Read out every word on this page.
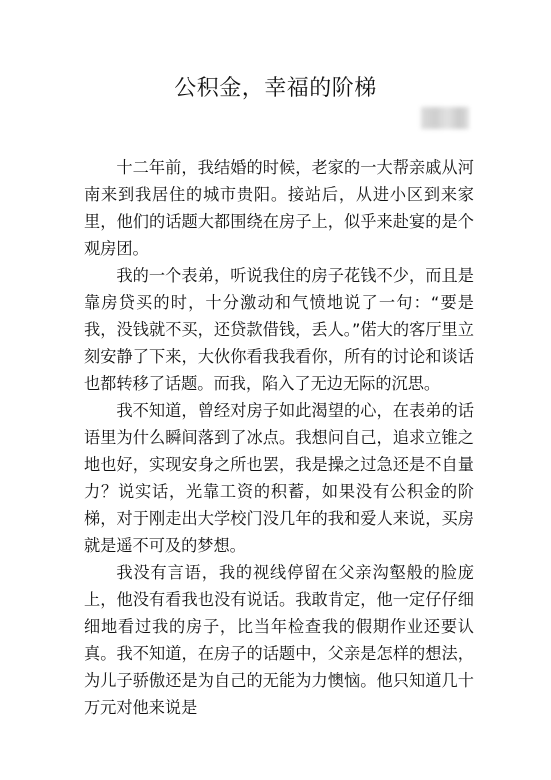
公积金，幸福的阶梯

十二年前，我结婚的时候，老家的一大帮亲戚从河南来到我居住的城市贵阳。接站后，从进小区到来家里，他们的话题大都围绕在房子上，似乎来赴宴的是个观房团。

我的一个表弟，听说我住的房子花钱不少，而且是靠房贷买的时，十分激动和气愤地说了一句：“要是我，没钱就不买，还贷款借钱，丢人。”偌大的客厅里立刻安静了下来，大伙你看我我看你，所有的讨论和谈话也都转移了话题。而我，陷入了无边无际的沉思。

我不知道，曾经对房子如此渴望的心，在表弟的话语里为什么瞬间落到了冰点。我想问自己，追求立锥之地也好，实现安身之所也罢，我是操之过急还是不自量力？说实话，光靠工资的积蓄，如果没有公积金的阶梯，对于刚走出大学校门没几年的我和爱人来说，买房就是遥不可及的梦想。

我没有言语，我的视线停留在父亲沟壑般的脸庞上，他没有看我也没有说话。我敢肯定，他一定仔仔细细地看过我的房子，比当年检查我的假期作业还要认真。我不知道，在房子的话题中，父亲是怎样的想法，为儿子骄傲还是为自己的无能为力懊恼。他只知道几十万元对他来说是
